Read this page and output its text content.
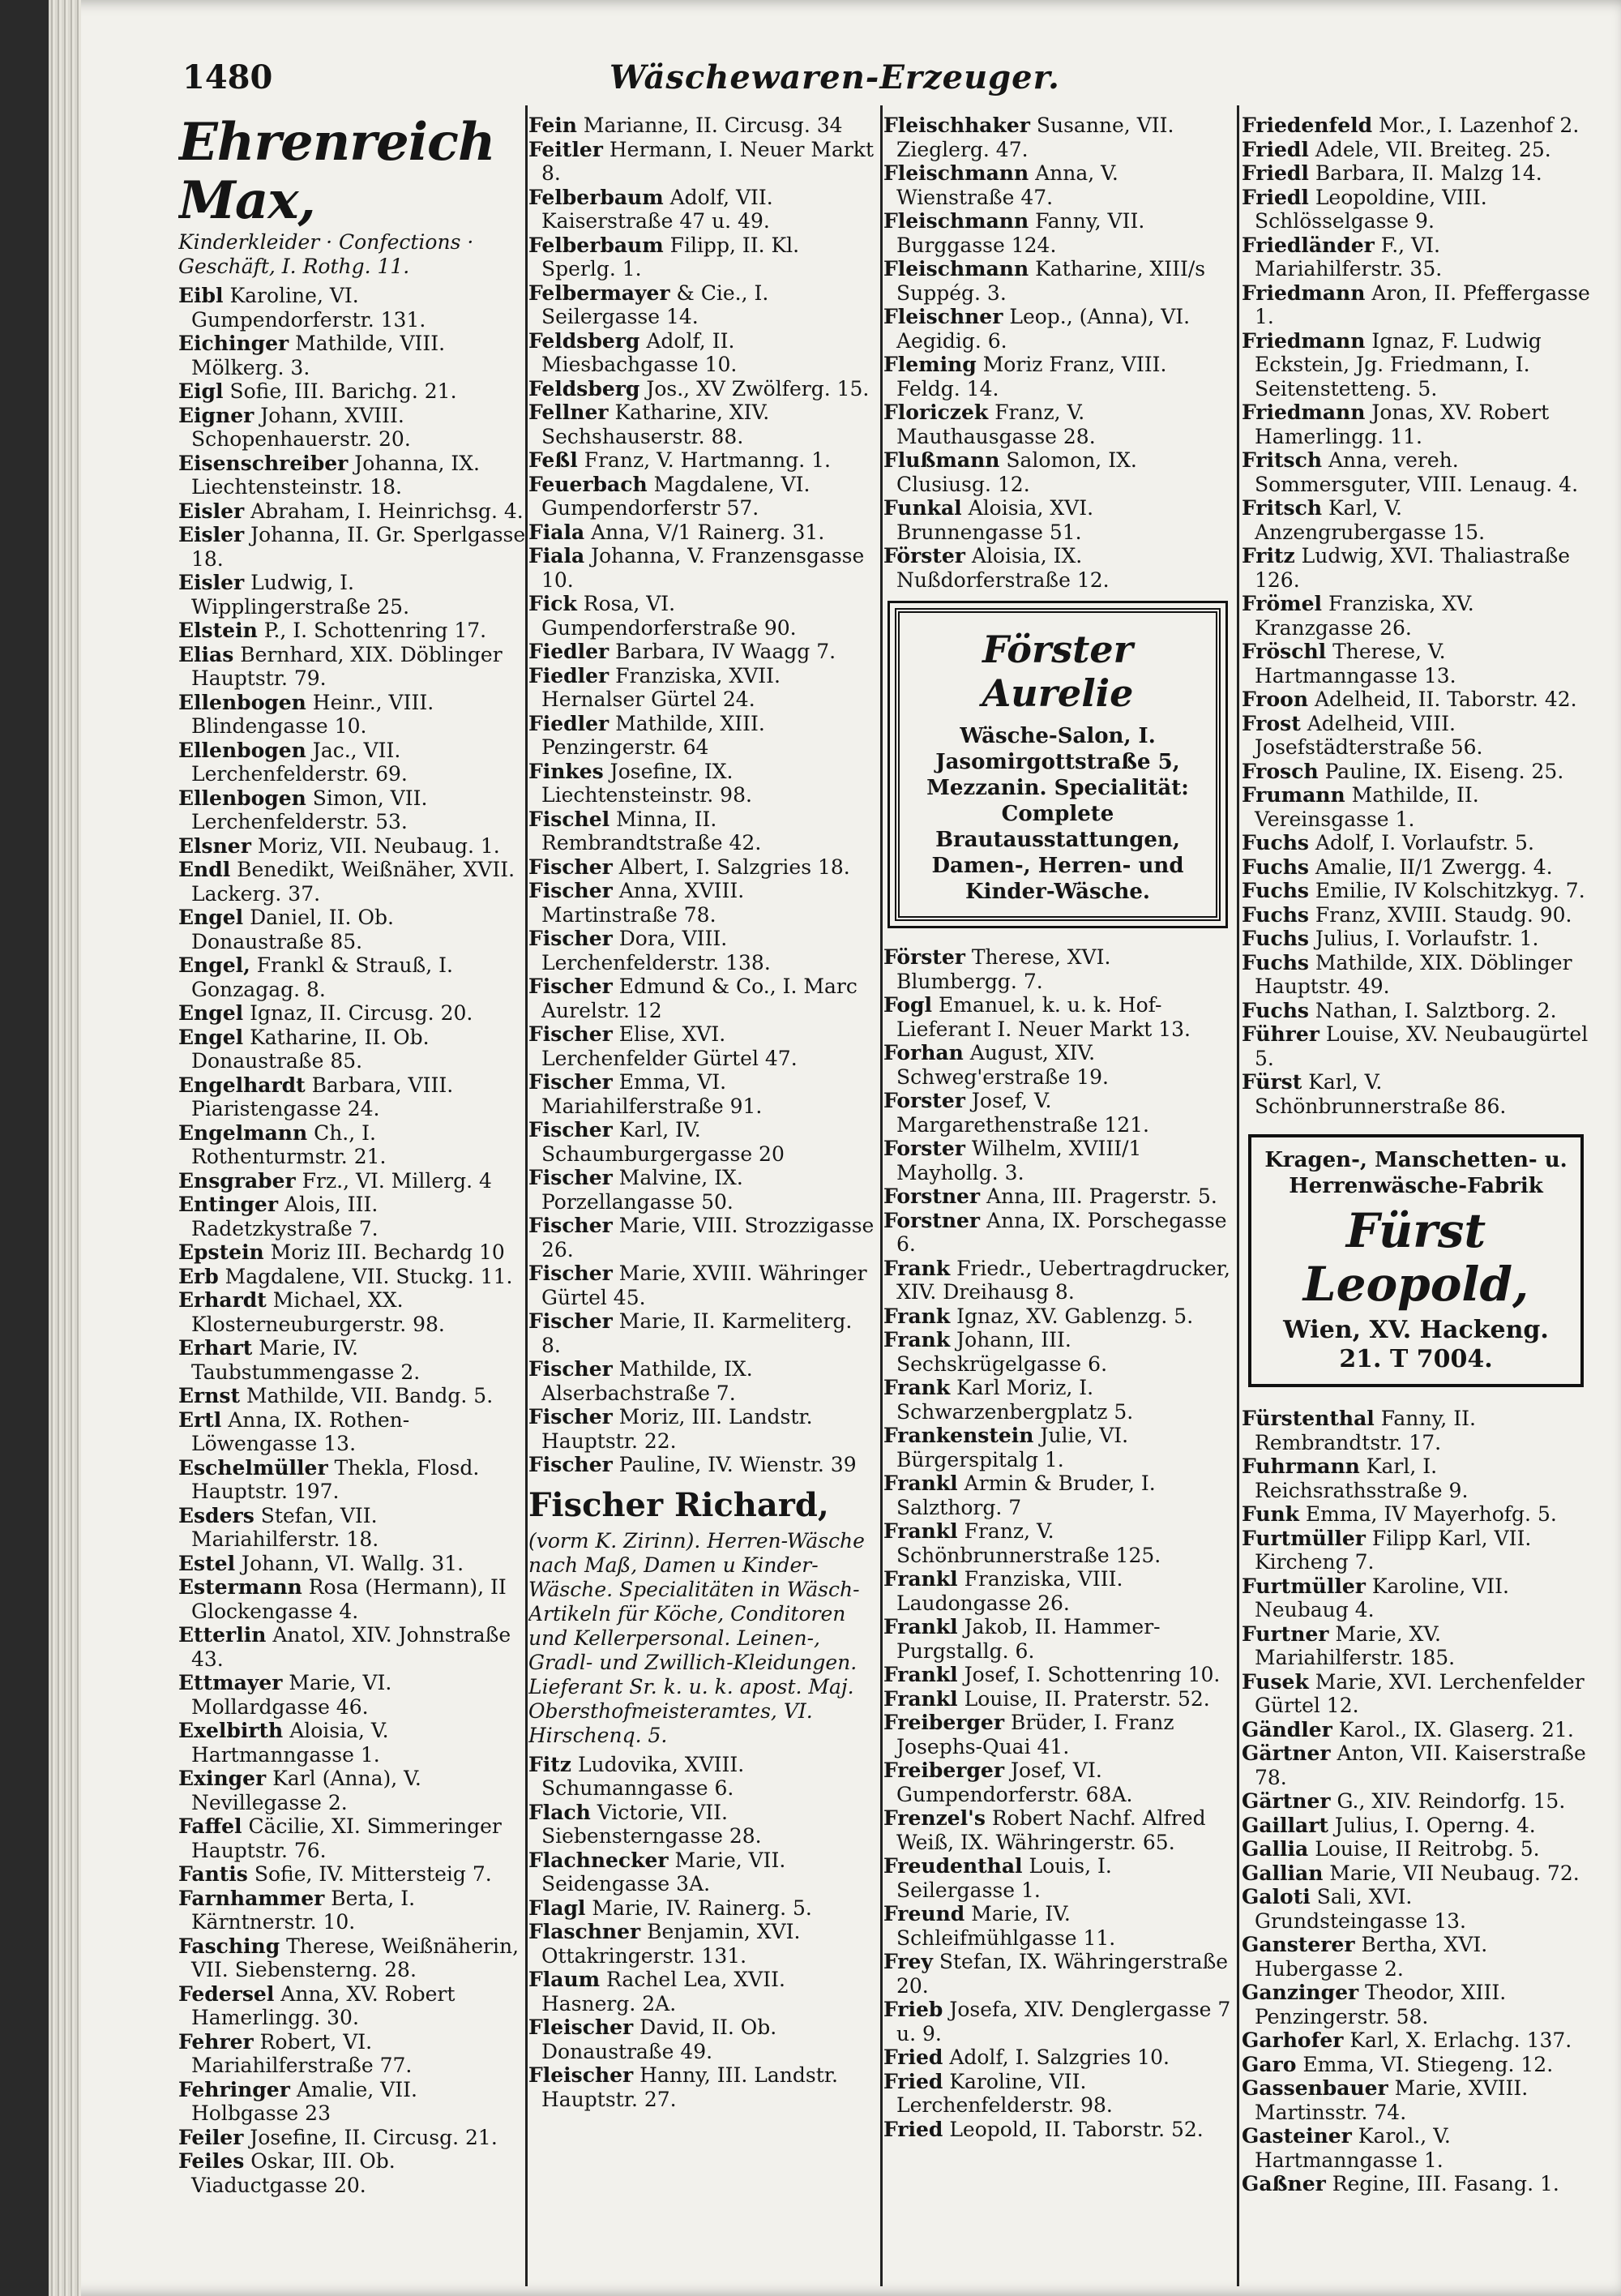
1480	Wäschewaren-Erzeuger.

Ehrenreich Max,

Kinderkleider · Confections · Geschäft, I. Rothg. 11.

Eibl Karoline, VI. Gumpendorferstr. 131.

Eichinger Mathilde, VIII. Mölkerg. 3.

Eigl Sofie, III. Barichg. 21.

Eigner Johann, XVIII. Schopenhauerstr. 20.

Eisenschreiber Johanna, IX. Liechtensteinstr. 18.

Eisler Abraham, I. Heinrichsg. 4.

Eisler Johanna, II. Gr. Sperlgasse 18.

Eisler Ludwig, I. Wipplingerstraße 25.

Elstein P., I. Schottenring 17.

Elias Bernhard, XIX. Döblinger Hauptstr. 79.

Ellenbogen Heinr., VIII. Blindengasse 10.

Ellenbogen Jac., VII. Lerchenfelderstr. 69.

Ellenbogen Simon, VII. Lerchenfelderstr. 53.

Elsner Moriz, VII. Neubaug. 1.

Endl Benedikt, Weißnäher, XVII. Lackerg. 37.

Engel Daniel, II. Ob. Donaustraße 85.

Engel, Frankl & Strauß, I. Gonzagag. 8.

Engel Ignaz, II. Circusg. 20.

Engel Katharine, II. Ob. Donaustraße 85.

Engelhardt Barbara, VIII. Piaristengasse 24.

Engelmann Ch., I. Rothenturmstr. 21.

Ensgraber Frz., VI. Millerg. 4

Entinger Alois, III. Radetzkystraße 7.

Epstein Moriz III. Bechardg 10

Erb Magdalene, VII. Stuckg. 11.

Erhardt Michael, XX. Klosterneuburgerstr. 98.

Erhart Marie, IV. Taubstummengasse 2.

Ernst Mathilde, VII. Bandg. 5.

Ertl Anna, IX. Rothen-Löwengasse 13.

Eschelmüller Thekla, Flosd. Hauptstr. 197.

Esders Stefan, VII. Mariahilferstr. 18.

Estel Johann, VI. Wallg. 31.

Estermann Rosa (Hermann), II Glockengasse 4.

Etterlin Anatol, XIV. Johnstraße 43.

Ettmayer Marie, VI. Mollardgasse 46.

Exelbirth Aloisia, V. Hartmanngasse 1.

Exinger Karl (Anna), V. Nevillegasse 2.

Faffel Cäcilie, XI. Simmeringer Hauptstr. 76.

Fantis Sofie, IV. Mittersteig 7.

Farnhammer Berta, I. Kärntnerstr. 10.

Fasching Therese, Weißnäherin, VII. Siebensterng. 28.

Federsel Anna, XV. Robert Hamerlingg. 30.

Fehrer Robert, VI. Mariahilferstraße 77.

Fehringer Amalie, VII. Holbgasse 23

Feiler Josefine, II. Circusg. 21.

Feiles Oskar, III. Ob. Viaductgasse 20.

Fein Marianne, II. Circusg. 34

Feitler Hermann, I. Neuer Markt 8.

Felberbaum Adolf, VII. Kaiserstraße 47 u. 49.

Felberbaum Filipp, II. Kl. Sperlg. 1.

Felbermayer & Cie., I. Seilergasse 14.

Feldsberg Adolf, II. Miesbachgasse 10.

Feldsberg Jos., XV Zwölferg. 15.

Fellner Katharine, XIV. Sechshauserstr. 88.

Feßl Franz, V. Hartmanng. 1.

Feuerbach Magdalene, VI. Gumpendorferstr 57.

Fiala Anna, V/1 Rainerg. 31.

Fiala Johanna, V. Franzensgasse 10.

Fick Rosa, VI. Gumpendorferstraße 90.

Fiedler Barbara, IV Waagg 7.

Fiedler Franziska, XVII. Hernalser Gürtel 24.

Fiedler Mathilde, XIII. Penzingerstr. 64

Finkes Josefine, IX. Liechtensteinstr. 98.

Fischel Minna, II. Rembrandtstraße 42.

Fischer Albert, I. Salzgries 18.

Fischer Anna, XVIII. Martinstraße 78.

Fischer Dora, VIII. Lerchenfelderstr. 138.

Fischer Edmund & Co., I. Marc Aurelstr. 12

Fischer Elise, XVI. Lerchenfelder Gürtel 47.

Fischer Emma, VI. Mariahilferstraße 91.

Fischer Karl, IV. Schaumburgergasse 20

Fischer Malvine, IX. Porzellangasse 50.

Fischer Marie, VIII. Strozzigasse 26.

Fischer Marie, XVIII. Währinger Gürtel 45.

Fischer Marie, II. Karmeliterg. 8.

Fischer Mathilde, IX. Alserbachstraße 7.

Fischer Moriz, III. Landstr. Hauptstr. 22.

Fischer Pauline, IV. Wienstr. 39

Fischer Richard,

(vorm K. Zirinn). Herren-Wäsche nach Maß, Damen u Kinder-Wäsche. Specialitäten in Wäsch-Artikeln für Köche, Conditoren und Kellerpersonal. Leinen-, Gradl- und Zwillich-Kleidungen. Lieferant Sr. k. u. k. apost. Maj. Obersthofmeisteramtes, VI. Hirschenq. 5.

Fitz Ludovika, XVIII. Schumanngasse 6.

Flach Victorie, VII. Siebensterngasse 28.

Flachnecker Marie, VII. Seidengasse 3A.

Flagl Marie, IV. Rainerg. 5.

Flaschner Benjamin, XVI. Ottakringerstr. 131.

Flaum Rachel Lea, XVII. Hasnerg. 2A.

Fleischer David, II. Ob. Donaustraße 49.

Fleischer Hanny, III. Landstr. Hauptstr. 27.

Fleischhaker Susanne, VII. Zieglerg. 47.

Fleischmann Anna, V. Wienstraße 47.

Fleischmann Fanny, VII. Burggasse 124.

Fleischmann Katharine, XIII/s Suppég. 3.

Fleischner Leop., (Anna), VI. Aegidig. 6.

Fleming Moriz Franz, VIII. Feldg. 14.

Floriczek Franz, V. Mauthausgasse 28.

Flußmann Salomon, IX. Clusiusg. 12.

Funkal Aloisia, XVI. Brunnengasse 51.

Förster Aloisia, IX. Nußdorferstraße 12.

Förster Aurelie

Wäsche-Salon, I. Jasomirgottstraße 5, Mezzanin. Specialität: Complete Brautausstattungen, Damen-, Herren- und Kinder-Wäsche.

Förster Therese, XVI. Blumbergg. 7.

Fogl Emanuel, k. u. k. Hof-Lieferant I. Neuer Markt 13.

Forhan August, XIV. Schweg'erstraße 19.

Forster Josef, V. Margarethenstraße 121.

Forster Wilhelm, XVIII/1 Mayhollg. 3.

Forstner Anna, III. Pragerstr. 5.

Forstner Anna, IX. Porschegasse 6.

Frank Friedr., Uebertragdrucker, XIV. Dreihausg 8.

Frank Ignaz, XV. Gablenzg. 5.

Frank Johann, III. Sechskrügelgasse 6.

Frank Karl Moriz, I. Schwarzenbergplatz 5.

Frankenstein Julie, VI. Bürgerspitalg 1.

Frankl Armin & Bruder, I. Salzthorg. 7

Frankl Franz, V. Schönbrunnerstraße 125.

Frankl Franziska, VIII. Laudongasse 26.

Frankl Jakob, II. Hammer-Purgstallg. 6.

Frankl Josef, I. Schottenring 10.

Frankl Louise, II. Praterstr. 52.

Freiberger Brüder, I. Franz Josephs-Quai 41.

Freiberger Josef, VI. Gumpendorferstr. 68A.

Frenzel's Robert Nachf. Alfred Weiß, IX. Währingerstr. 65.

Freudenthal Louis, I. Seilergasse 1.

Freund Marie, IV. Schleifmühlgasse 11.

Frey Stefan, IX. Währingerstraße 20.

Frieb Josefa, XIV. Denglergasse 7 u. 9.

Fried Adolf, I. Salzgries 10.

Fried Karoline, VII. Lerchenfelderstr. 98.

Fried Leopold, II. Taborstr. 52.

Friedenfeld Mor., I. Lazenhof 2.

Friedl Adele, VII. Breiteg. 25.

Friedl Barbara, II. Malzg 14.

Friedl Leopoldine, VIII. Schlösselgasse 9.

Friedländer F., VI. Mariahilferstr. 35.

Friedmann Aron, II. Pfeffergasse 1.

Friedmann Ignaz, F. Ludwig Eckstein, Jg. Friedmann, I. Seitenstetteng. 5.

Friedmann Jonas, XV. Robert Hamerlingg. 11.

Fritsch Anna, vereh. Sommersguter, VIII. Lenaug. 4.

Fritsch Karl, V. Anzengrubergasse 15.

Fritz Ludwig, XVI. Thaliastraße 126.

Frömel Franziska, XV. Kranzgasse 26.

Fröschl Therese, V. Hartmanngasse 13.

Froon Adelheid, II. Taborstr. 42.

Frost Adelheid, VIII. Josefstädterstraße 56.

Frosch Pauline, IX. Eiseng. 25.

Frumann Mathilde, II. Vereinsgasse 1.

Fuchs Adolf, I. Vorlaufstr. 5.

Fuchs Amalie, II/1 Zwergg. 4.

Fuchs Emilie, IV Kolschitzkyg. 7.

Fuchs Franz, XVIII. Staudg. 90.

Fuchs Julius, I. Vorlaufstr. 1.

Fuchs Mathilde, XIX. Döblinger Hauptstr. 49.

Fuchs Nathan, I. Salztborg. 2.

Führer Louise, XV. Neubaugürtel 5.

Fürst Karl, V. Schönbrunnerstraße 86.

Kragen-, Manschetten- u. Herrenwäsche-Fabrik

Fürst Leopold,

Wien, XV. Hackeng. 21. T 7004.

Fürstenthal Fanny, II. Rembrandtstr. 17.

Fuhrmann Karl, I. Reichsrathsstraße 9.

Funk Emma, IV Mayerhofg. 5.

Furtmüller Filipp Karl, VII. Kircheng 7.

Furtmüller Karoline, VII. Neubaug 4.

Furtner Marie, XV. Mariahilferstr. 185.

Fusek Marie, XVI. Lerchenfelder Gürtel 12.

Gändler Karol., IX. Glaserg. 21.

Gärtner Anton, VII. Kaiserstraße 78.

Gärtner G., XIV. Reindorfg. 15.

Gaillart Julius, I. Operng. 4.

Gallia Louise, II Reitrobg. 5.

Gallian Marie, VII Neubaug. 72.

Galoti Sali, XVI. Grundsteingasse 13.

Gansterer Bertha, XVI. Hubergasse 2.

Ganzinger Theodor, XIII. Penzingerstr. 58.

Garhofer Karl, X. Erlachg. 137.

Garo Emma, VI. Stiegeng. 12.

Gassenbauer Marie, XVIII. Martinsstr. 74.

Gasteiner Karol., V. Hartmanngasse 1.

Gaßner Regine, III. Fasang. 1.
